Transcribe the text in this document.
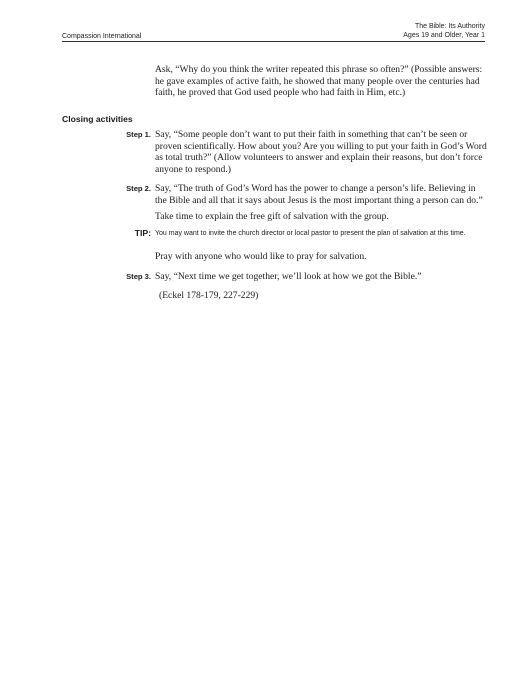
Compassion International
The Bible: Its Authority
Ages 19 and Older, Year 1
Ask, “Why do you think the writer repeated this phrase so often?” (Possible answers: he gave examples of active faith, he showed that many people over the centuries had faith, he proved that God used people who had faith in Him, etc.)
Closing activities
Step 1. Say, “Some people don’t want to put their faith in something that can’t be seen or proven scientifically. How about you? Are you willing to put your faith in God’s Word as total truth?” (Allow volunteers to answer and explain their reasons, but don’t force anyone to respond.)
Step 2. Say, “The truth of God’s Word has the power to change a person’s life. Believing in the Bible and all that it says about Jesus is the most important thing a person can do.”
Take time to explain the free gift of salvation with the group.
TIP: You may want to invite the church director or local pastor to present the plan of salvation at this time.
Pray with anyone who would like to pray for salvation.
Step 3. Say, “Next time we get together, we’ll look at how we got the Bible.”
(Eckel 178-179, 227-229)
